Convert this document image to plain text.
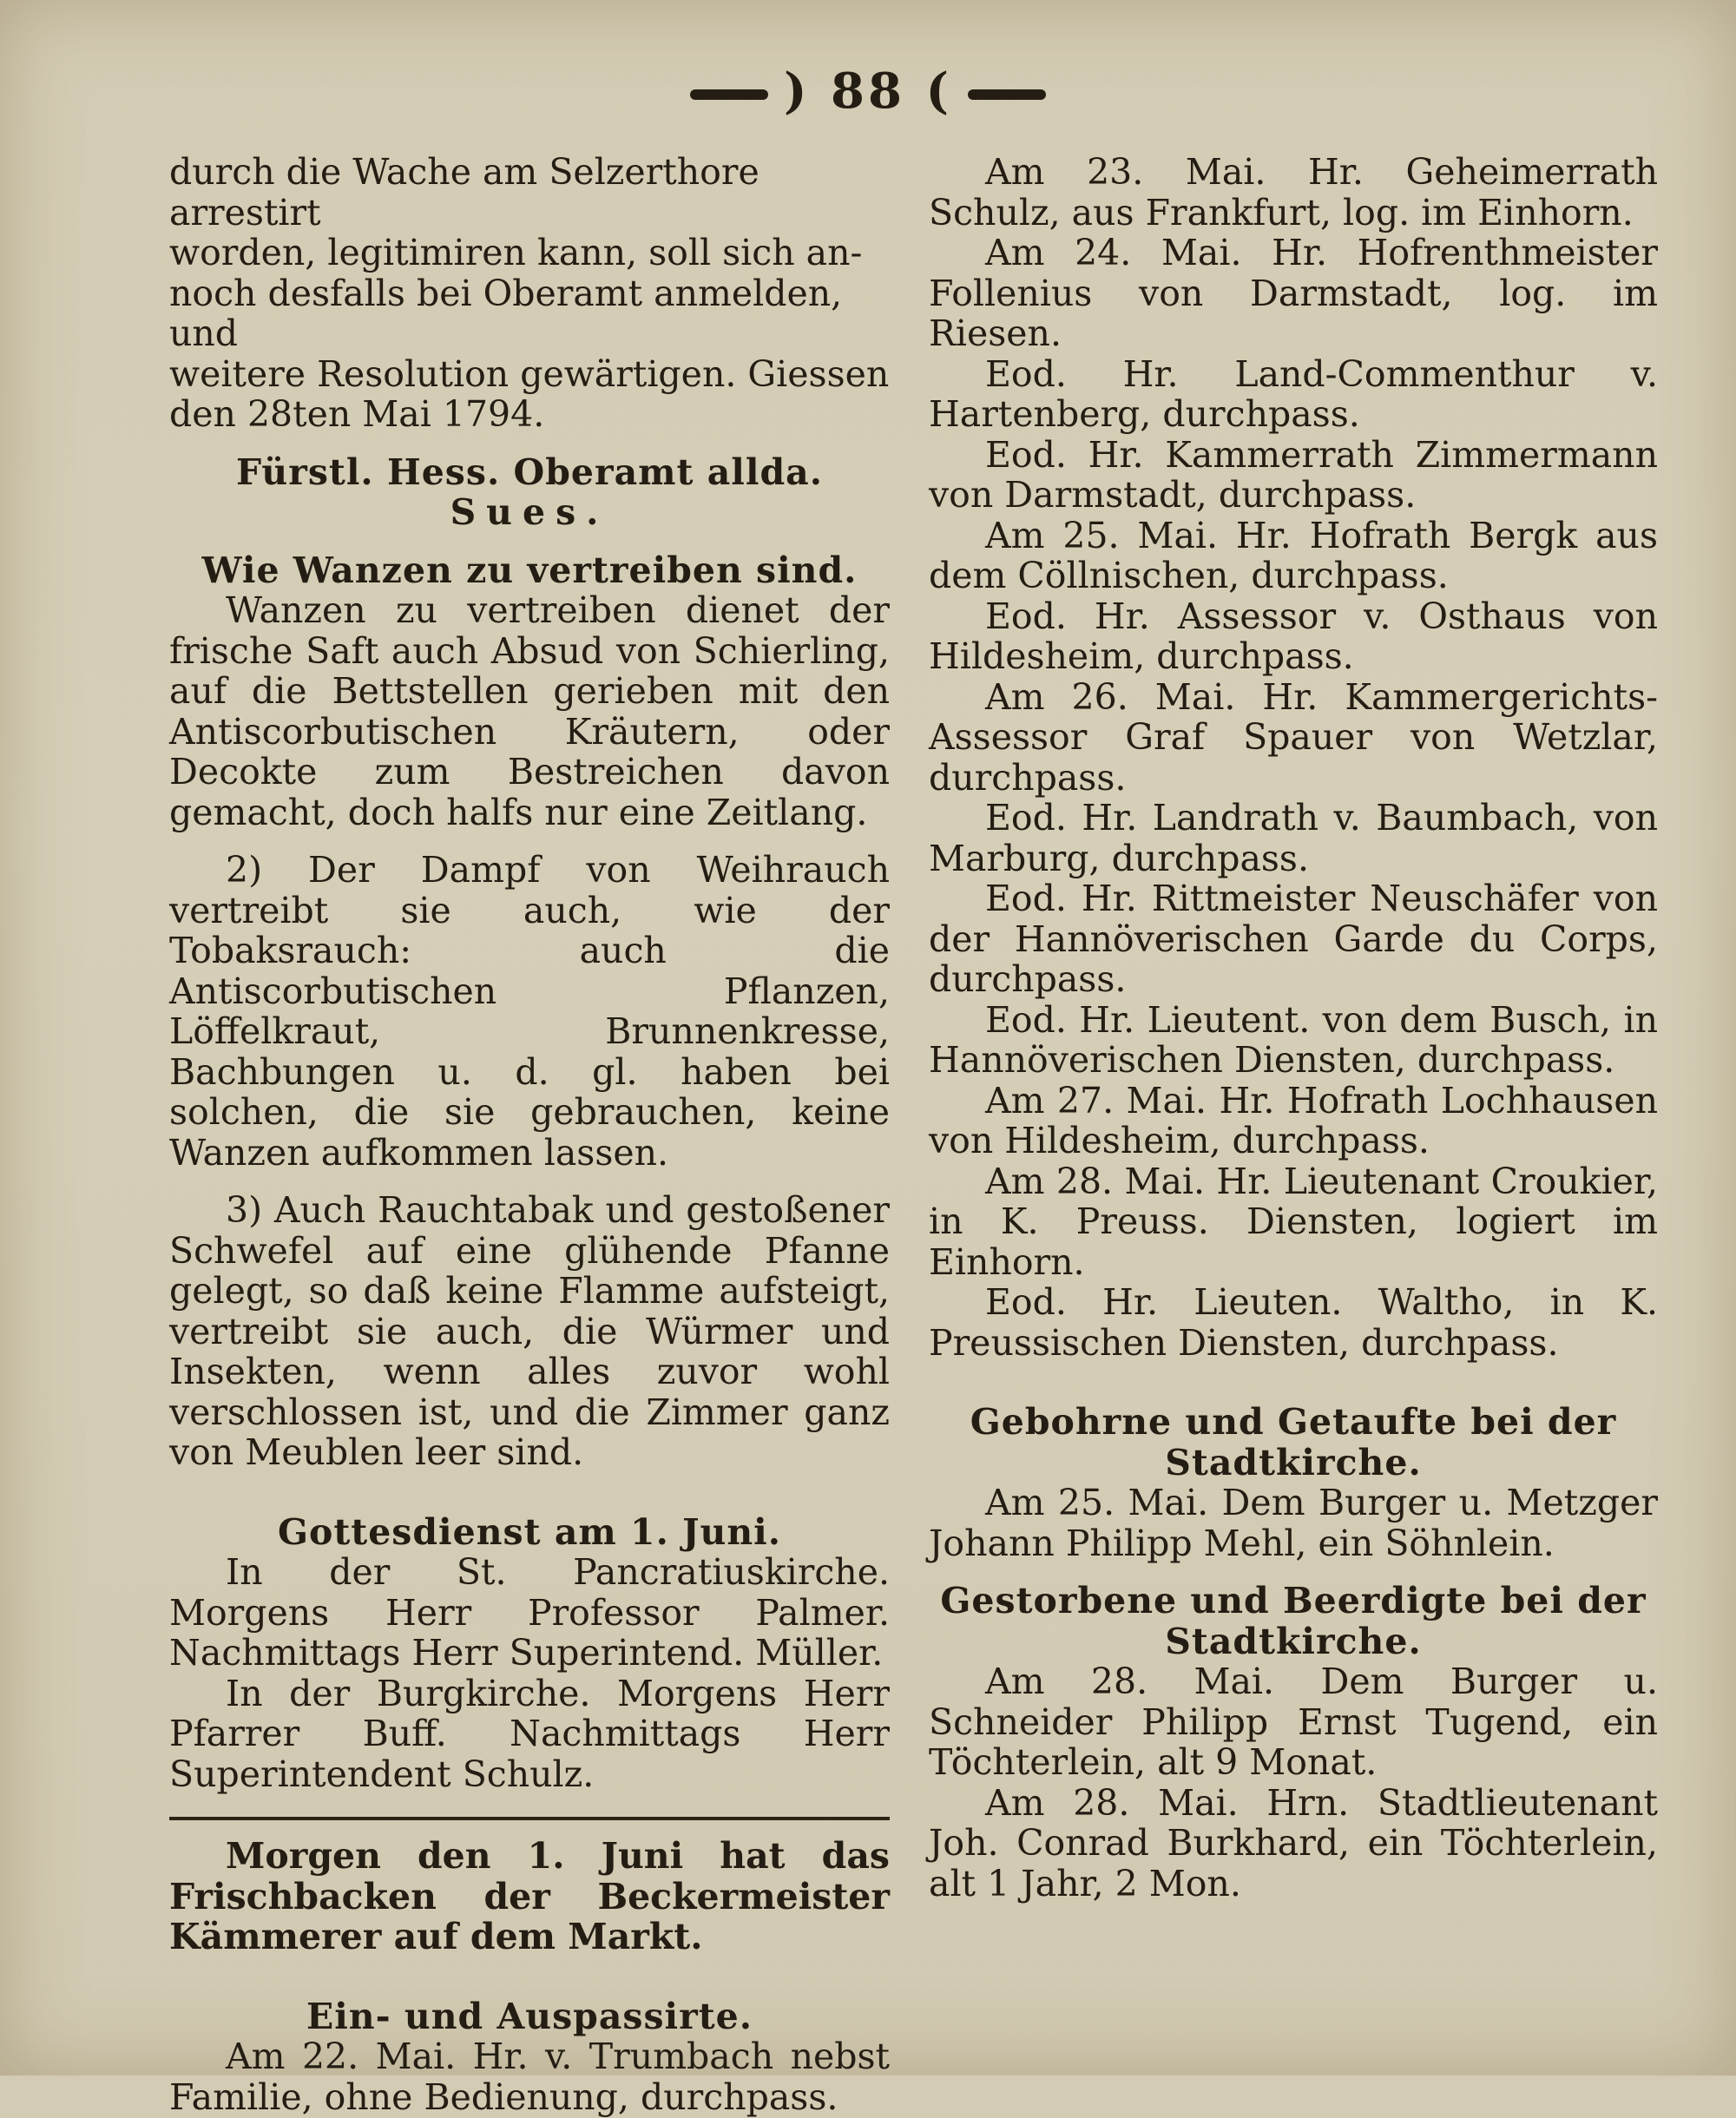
) 88 (

durch die Wache am Selzerthore arrestirt
worden, legitimiren kann, soll sich an-
noch desfalls bei Oberamt anmelden, und
weitere Resolution gewärtigen. Giessen
den 28ten Mai 1794.

Fürstl. Hess. Oberamt allda.

Sues.

Wie Wanzen zu vertreiben sind.

Wanzen zu vertreiben dienet der frische Saft auch Absud von Schierling, auf die Bettstellen gerieben mit den Antiscorbutischen Kräutern, oder Decokte zum Bestreichen davon gemacht, doch halfs nur eine Zeitlang.

2) Der Dampf von Weihrauch vertreibt sie auch, wie der Tobaksrauch: auch die Antiscorbutischen Pflanzen, Löffelkraut, Brunnenkresse, Bachbungen u. d. gl. haben bei solchen, die sie gebrauchen, keine Wanzen aufkommen lassen.

3) Auch Rauchtabak und gestoßener Schwefel auf eine glühende Pfanne gelegt, so daß keine Flamme aufsteigt, vertreibt sie auch, die Würmer und Insekten, wenn alles zuvor wohl verschlossen ist, und die Zimmer ganz von Meublen leer sind.

Gottesdienst am 1. Juni.

In der St. Pancratiuskirche. Morgens Herr Professor Palmer. Nachmittags Herr Superintend. Müller.

In der Burgkirche. Morgens Herr Pfarrer Buff. Nachmittags Herr Superintendent Schulz.

Morgen den 1. Juni hat das Frischbacken der Beckermeister Kämmerer auf dem Markt.

Ein- und Auspassirte.

Am 22. Mai. Hr. v. Trumbach nebst Familie, ohne Bedienung, durchpass.

Am 23. Mai. Hr. Geheimerrath Schulz, aus Frankfurt, log. im Einhorn.

Am 24. Mai. Hr. Hofrenthmeister Follenius von Darmstadt, log. im Riesen.

Eod. Hr. Land-Commenthur v. Hartenberg, durchpass.

Eod. Hr. Kammerrath Zimmermann von Darmstadt, durchpass.

Am 25. Mai. Hr. Hofrath Bergk aus dem Cöllnischen, durchpass.

Eod. Hr. Assessor v. Osthaus von Hildesheim, durchpass.

Am 26. Mai. Hr. Kammergerichts-Assessor Graf Spauer von Wetzlar, durchpass.

Eod. Hr. Landrath v. Baumbach, von Marburg, durchpass.

Eod. Hr. Rittmeister Neuschäfer von der Hannöverischen Garde du Corps, durchpass.

Eod. Hr. Lieutent. von dem Busch, in Hannöverischen Diensten, durchpass.

Am 27. Mai. Hr. Hofrath Lochhausen von Hildesheim, durchpass.

Am 28. Mai. Hr. Lieutenant Croukier, in K. Preuss. Diensten, logiert im Einhorn.

Eod. Hr. Lieuten. Waltho, in K. Preussischen Diensten, durchpass.

Gebohrne und Getaufte bei der Stadtkirche.

Am 25. Mai. Dem Burger u. Metzger Johann Philipp Mehl, ein Söhnlein.

Gestorbene und Beerdigte bei der

Stadtkirche.

Am 28. Mai. Dem Burger u. Schneider Philipp Ernst Tugend, ein Töchterlein, alt 9 Monat.

Am 28. Mai. Hrn. Stadtlieutenant Joh. Conrad Burkhard, ein Töchterlein, alt 1 Jahr, 2 Mon.
